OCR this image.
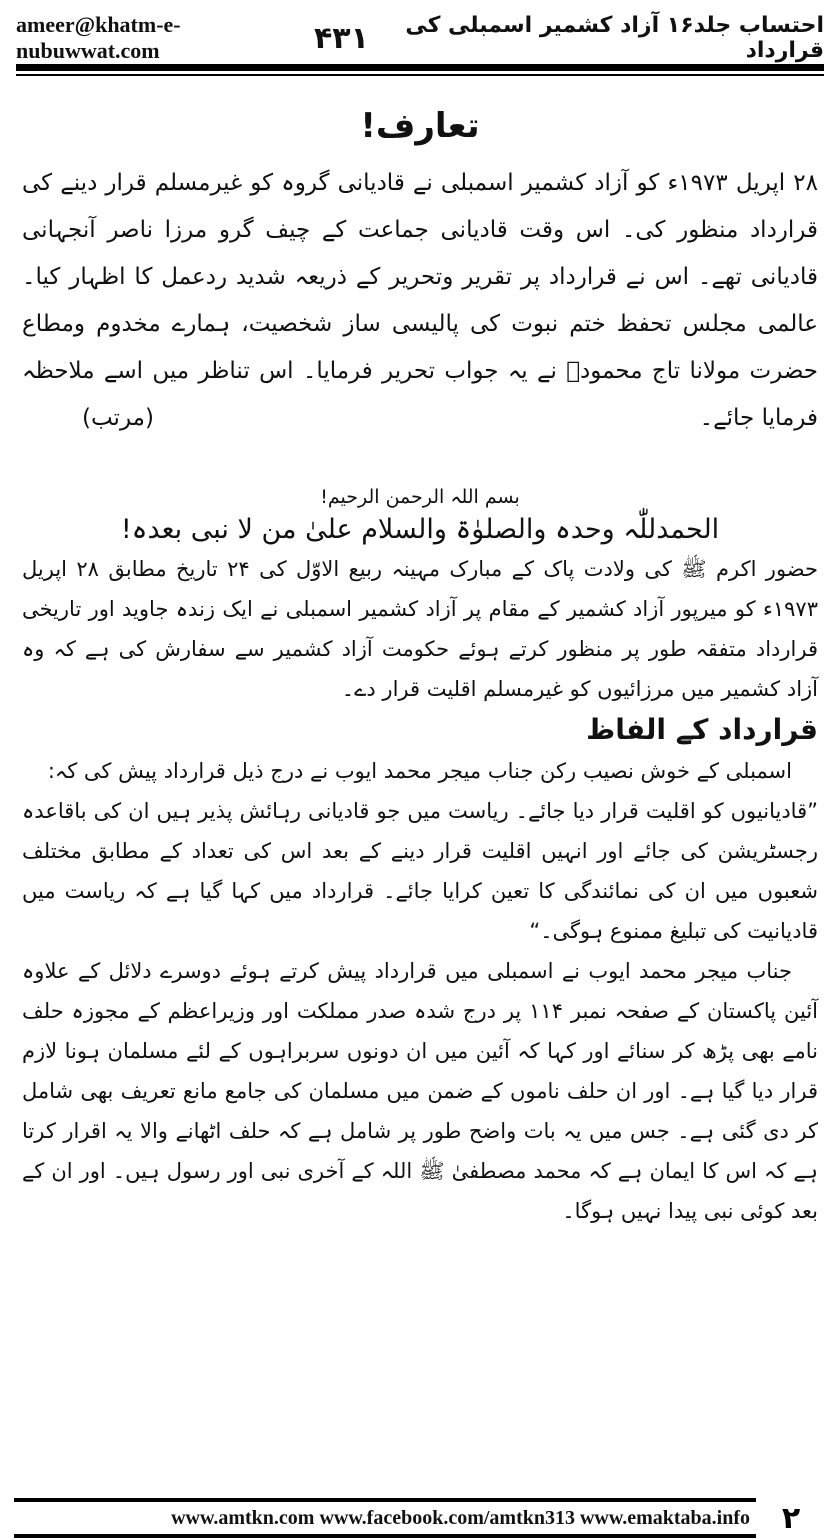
ameer@khatm-e-nubuwwat.com	۴۳۱	احتساب جلد۱۶ آزاد کشمیر اسمبلی کی قرارداد
تعارف!

۲۸ اپریل ۱۹۷۳ء کو آزاد کشمیر اسمبلی نے قادیانی گروہ کو غیرمسلم قرار دینے کی قرارداد منظور کی۔ اس وقت قادیانی جماعت کے چیف گرو مرزا ناصر آنجہانی قادیانی تھے۔ اس نے قرارداد پر تقریر وتحریر کے ذریعہ شدید ردعمل کا اظہار کیا۔ عالمی مجلس تحفظ ختم نبوت کی پالیسی ساز شخصیت، ہمارے مخدوم ومطاع حضرت مولانا تاج محمودؒ نے یہ جواب تحریر فرمایا۔ اس تناظر میں اسے ملاحظہ فرمایا جائے۔
(مرتب)

بسم اللہ الرحمن الرحیم!
الحمدللّٰہ وحدہ والصلوٰۃ والسلام علیٰ من لا نبی بعدہ!

حضور اکرم ﷺ کی ولادت پاک کے مبارک مہینہ ربیع الاوّل کی ۲۴ تاریخ مطابق ۲۸ اپریل ۱۹۷۳ء کو میرپور آزاد کشمیر کے مقام پر آزاد کشمیر اسمبلی نے ایک زندہ جاوید اور تاریخی قرارداد متفقہ طور پر منظور کرتے ہوئے حکومت آزاد کشمیر سے سفارش کی ہے کہ وہ آزاد کشمیر میں مرزائیوں کو غیرمسلم اقلیت قرار دے۔

قرارداد کے الفاظ

اسمبلی کے خوش نصیب رکن جناب میجر محمد ایوب نے درج ذیل قرارداد پیش کی کہ:

”قادیانیوں کو اقلیت قرار دیا جائے۔ ریاست میں جو قادیانی رہائش پذیر ہیں ان کی باقاعدہ رجسٹریشن کی جائے اور انہیں اقلیت قرار دینے کے بعد اس کی تعداد کے مطابق مختلف شعبوں میں ان کی نمائندگی کا تعین کرایا جائے۔ قرارداد میں کہا گیا ہے کہ ریاست میں قادیانیت کی تبلیغ ممنوع ہوگی۔“

جناب میجر محمد ایوب نے اسمبلی میں قرارداد پیش کرتے ہوئے دوسرے دلائل کے علاوہ آئین پاکستان کے صفحہ نمبر ۱۱۴ پر درج شدہ صدر مملکت اور وزیراعظم کے مجوزہ حلف نامے بھی پڑھ کر سنائے اور کہا کہ آئین میں ان دونوں سربراہوں کے لئے مسلمان ہونا لازم قرار دیا گیا ہے۔ اور ان حلف ناموں کے ضمن میں مسلمان کی جامع مانع تعریف بھی شامل کر دی گئی ہے۔ جس میں یہ بات واضح طور پر شامل ہے کہ حلف اٹھانے والا یہ اقرار کرتا ہے کہ اس کا ایمان ہے کہ محمد مصطفیٰ ﷺ اللہ کے آخری نبی اور رسول ہیں۔ اور ان کے بعد کوئی نبی پیدا نہیں ہوگا۔

www.amtkn.com www.facebook.com/amtkn313 www.emaktaba.info	۲
